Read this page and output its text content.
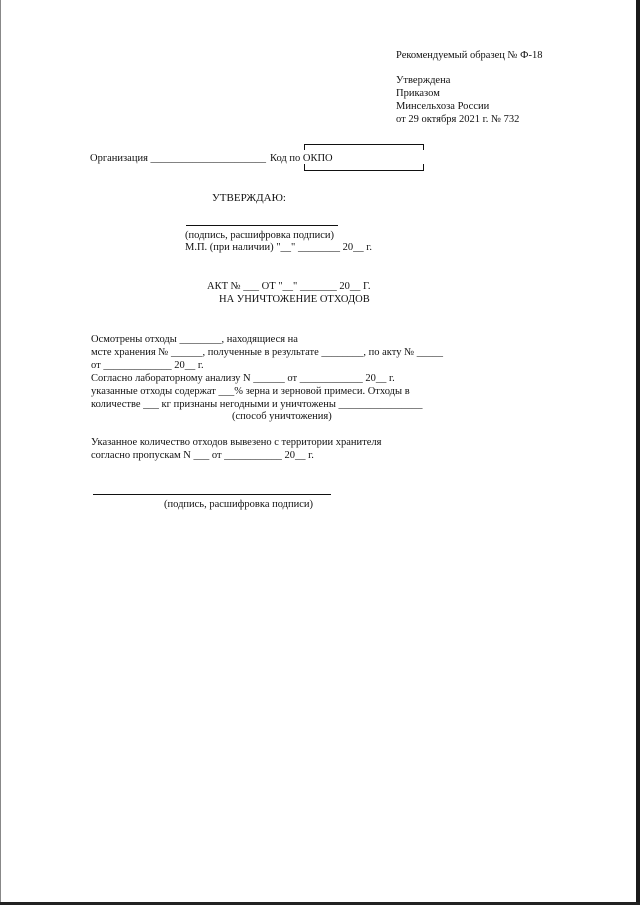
Рекомендуемый образец № Ф-18
Утверждена
Приказом
Минсельхоза России
от 29 октября 2021 г. № 732
Организация ______________________ Код по ОКПО
УТВЕРЖДАЮ:
(подпись, расшифровка подписи)
М.П. (при наличии) "__" ________ 20__ г.
АКТ № ___ ОТ "__" _______ 20__ Г.
НА УНИЧТОЖЕНИЕ ОТХОДОВ
Осмотрены отходы ________, находящиеся на
мсте хранения № ______, полученные в результате ________, по акту № _____
от _____________ 20__ г.
Согласно лабораторному анализу N ______ от ____________ 20__ г.
указанные отходы содержат ___% зерна и зерновой примеси. Отходы в
количестве ___ кг признаны негодными и уничтожены ________________
(способ уничтожения)
Указанное количество отходов вывезено с территории хранителя
согласно пропускам N ___ от ___________ 20__ г.
(подпись, расшифровка подписи)
